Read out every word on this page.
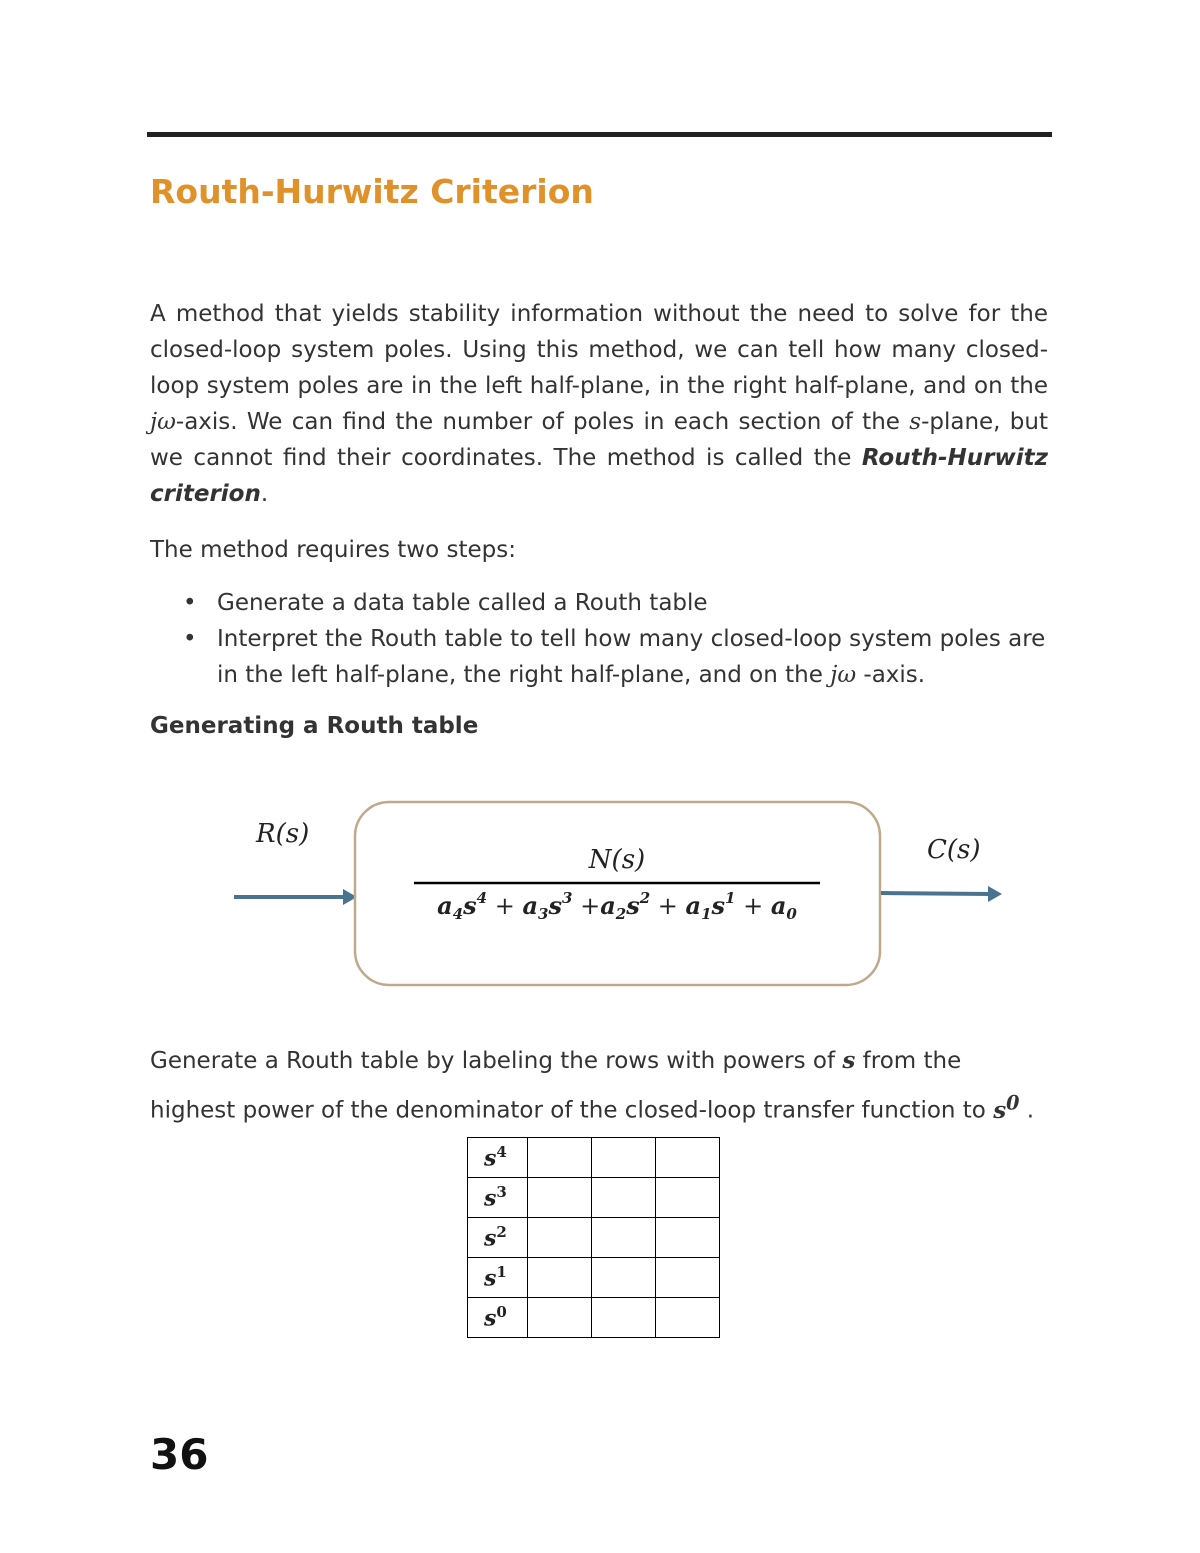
Routh-Hurwitz Criterion

A method that yields stability information without the need to solve for the closed-loop system poles. Using this method, we can tell how many closed-loop system poles are in the left half-plane, in the right half-plane, and on the jω-axis. We can find the number of poles in each section of the s-plane, but we cannot find their coordinates. The method is called the Routh-Hurwitz criterion.

The method requires two steps:

• Generate a data table called a Routh table
• Interpret the Routh table to tell how many closed-loop system poles are in the left half-plane, the right half-plane, and on the jω -axis.
Generating a Routh table
R(s)
N(s)
$a_4s^4 + a_3s^3 +a_2s^2 + a_1s^1 + a_0$
C(s)

Generate a Routh table by labeling the rows with powers of s from the highest power of the denominator of the closed-loop transfer function to $s^0$ .

$s^4$			
$s^3$			
$s^2$			
$s^1$			
$s^0$			

36
